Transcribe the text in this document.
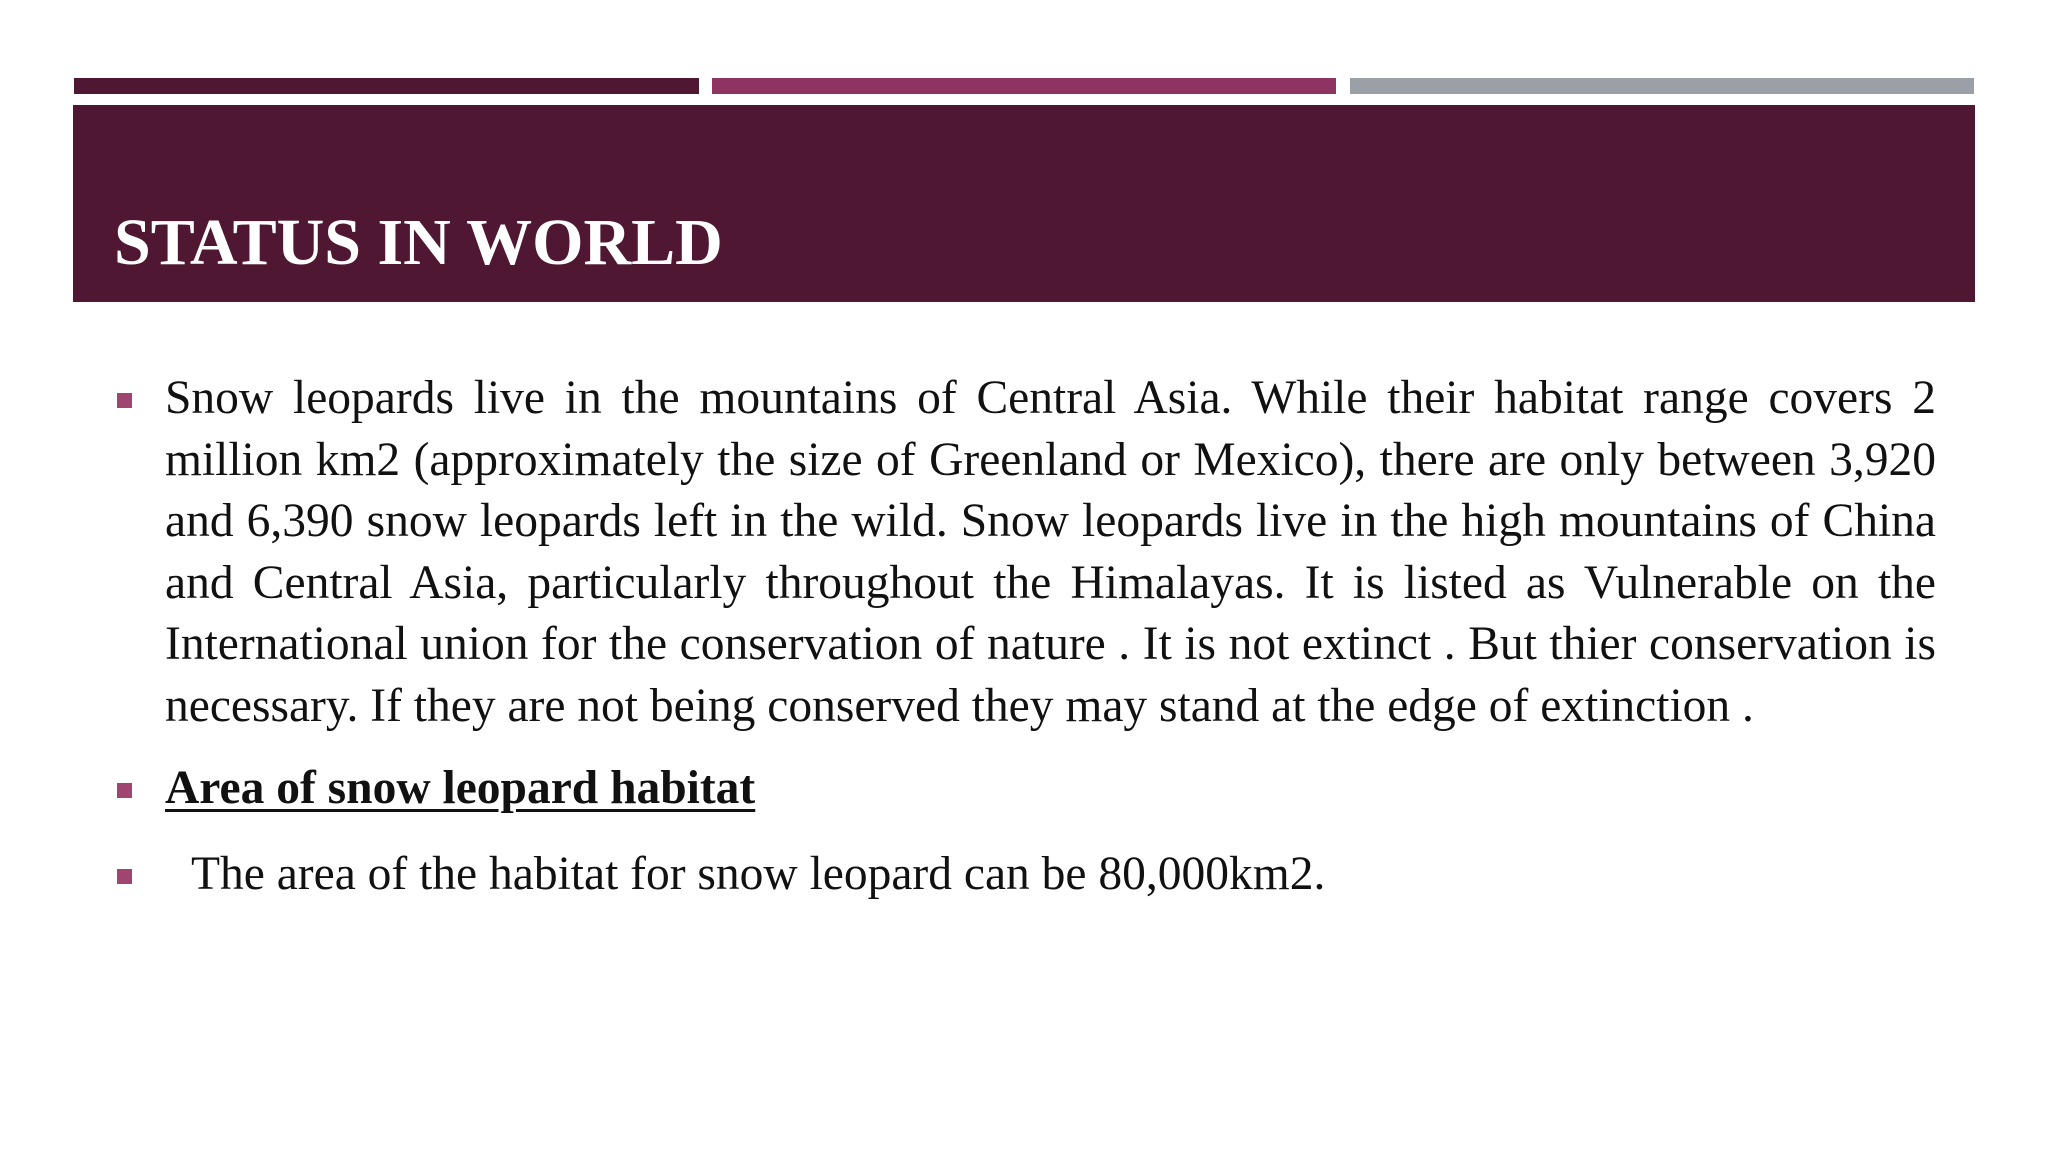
STATUS IN WORLD
Snow leopards live in the mountains of Central Asia. While their habitat range covers 2 million km2 (approximately the size of Greenland or Mexico), there are only between 3,920 and 6,390 snow leopards left in the wild. Snow leopards live in the high mountains of China and Central Asia, particularly throughout the Himalayas. It is listed as Vulnerable on the International union for the conservation of nature . It is not extinct . But thier conservation is necessary. If they are not being conserved they may stand at the edge of extinction .
Area of snow leopard habitat
The area of the habitat for snow leopard can be 80,000km2.
